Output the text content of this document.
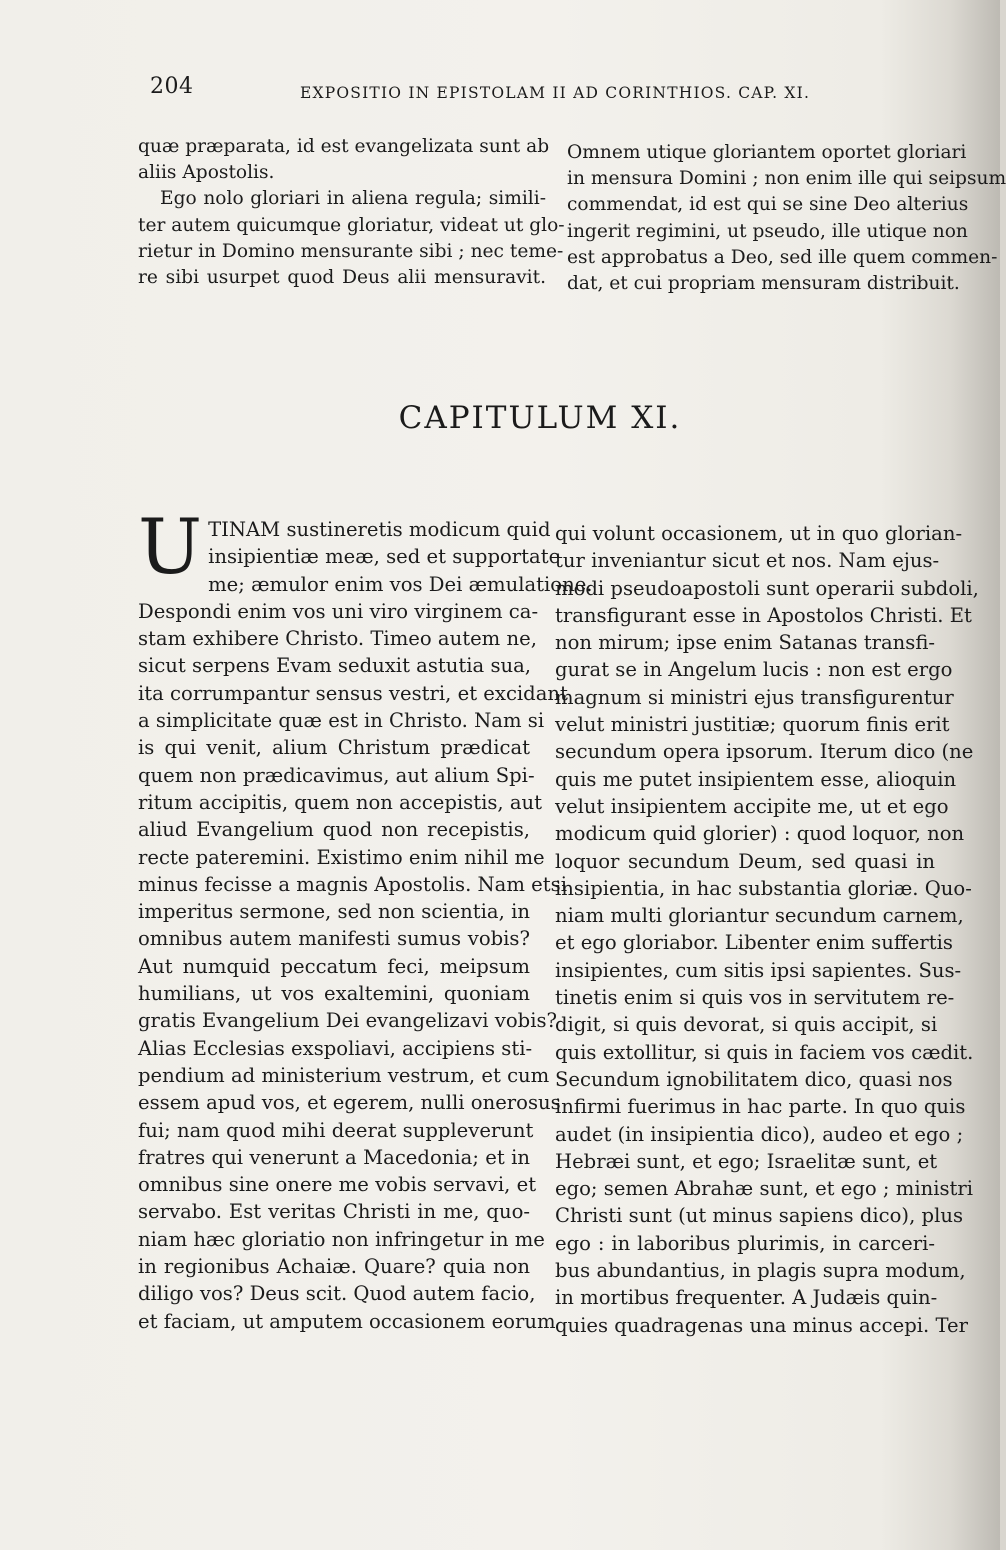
204	EXPOSITIO IN EPISTOLAM II AD CORINTHIOS. CAP. XI.
quæ præparata, id est evangelizata sunt ab
aliis Apostolis.
Ego nolo gloriari in aliena regula; simili-
ter autem quicumque gloriatur, videat ut glo-
rietur in Domino mensurante sibi ; nec teme-
re sibi usurpet quod Deus alii mensuravit.
Omnem utique gloriantem oportet gloriari
in mensura Domini ; non enim ille qui seipsum
commendat, id est qui se sine Deo alterius
ingerit regimini, ut pseudo, ille utique non
est approbatus a Deo, sed ille quem commen-
dat, et cui propriam mensuram distribuit.
CAPITULUM XI.
U TINAM sustineretis modicum quid
insipientiæ meæ, sed et supportate
me; æmulor enim vos Dei æmulatione.
Despondi enim vos uni viro virginem ca-
stam exhibere Christo. Timeo autem ne,
sicut serpens Evam seduxit astutia sua,
ita corrumpantur sensus vestri, et excidant
a simplicitate quæ est in Christo. Nam si
is qui venit, alium Christum prædicat
quem non prædicavimus, aut alium Spi-
ritum accipitis, quem non accepistis, aut
aliud Evangelium quod non recepistis,
recte pateremini. Existimo enim nihil me
minus fecisse a magnis Apostolis. Nam etsi
imperitus sermone, sed non scientia, in
omnibus autem manifesti sumus vobis?
Aut numquid peccatum feci, meipsum
humilians, ut vos exaltemini, quoniam
gratis Evangelium Dei evangelizavi vobis?
Alias Ecclesias exspoliavi, accipiens sti-
pendium ad ministerium vestrum, et cum
essem apud vos, et egerem, nulli onerosus
fui; nam quod mihi deerat suppleverunt
fratres qui venerunt a Macedonia; et in
omnibus sine onere me vobis servavi, et
servabo. Est veritas Christi in me, quo-
niam hæc gloriatio non infringetur in me
in regionibus Achaiæ. Quare? quia non
diligo vos? Deus scit. Quod autem facio,
et faciam, ut amputem occasionem eorum
qui volunt occasionem, ut in quo glorian-
tur inveniantur sicut et nos. Nam ejus-
modi pseudoapostoli sunt operarii subdoli,
transfigurant esse in Apostolos Christi. Et
non mirum; ipse enim Satanas transfi-
gurat se in Angelum lucis : non est ergo
magnum si ministri ejus transfigurentur
velut ministri justitiæ; quorum finis erit
secundum opera ipsorum. Iterum dico (ne
quis me putet insipientem esse, alioquin
velut insipientem accipite me, ut et ego
modicum quid glorier) : quod loquor, non
loquor secundum Deum, sed quasi in
insipientia, in hac substantia gloriæ. Quo-
niam multi gloriantur secundum carnem,
et ego gloriabor. Libenter enim suffertis
insipientes, cum sitis ipsi sapientes. Sus-
tinetis enim si quis vos in servitutem re-
digit, si quis devorat, si quis accipit, si
quis extollitur, si quis in faciem vos cædit.
Secundum ignobilitatem dico, quasi nos
infirmi fuerimus in hac parte. In quo quis
audet (in insipientia dico), audeo et ego ;
Hebræi sunt, et ego; Israelitæ sunt, et
ego; semen Abrahæ sunt, et ego ; ministri
Christi sunt (ut minus sapiens dico), plus
ego : in laboribus plurimis, in carceri-
bus abundantius, in plagis supra modum,
in mortibus frequenter. A Judæis quin-
quies quadragenas una minus accepi. Ter
